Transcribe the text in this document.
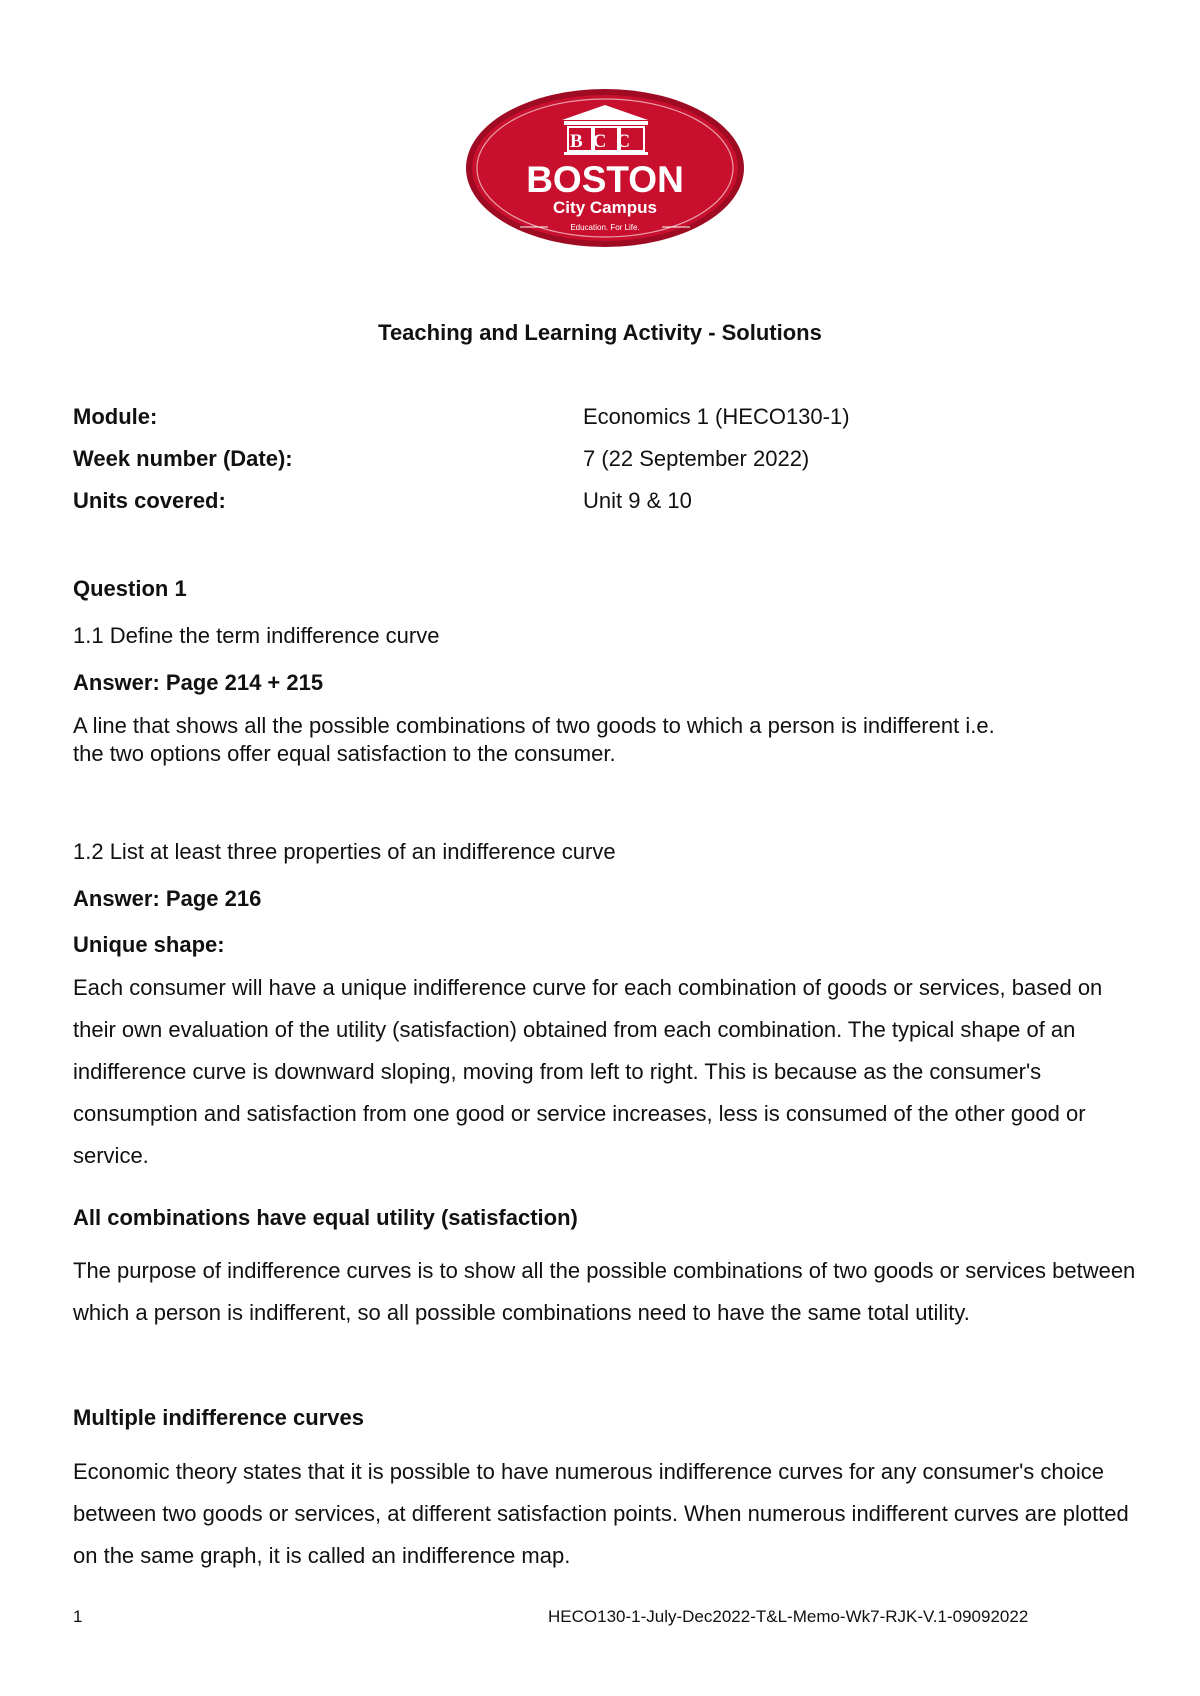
BCC
BOSTON
City Campus
Education. For Life.
Teaching and Learning Activity - Solutions
Module:	Economics 1 (HECO130-1)
Week number (Date):	7 (22 September 2022)
Units covered:	Unit 9 & 10
Question 1
1.1 Define the term indifference curve
Answer: Page 214 + 215
A line that shows all the possible combinations of two goods to which a person is indifferent i.e.
the two options offer equal satisfaction to the consumer.
1.2 List at least three properties of an indifference curve
Answer: Page 216
Unique shape:

Each consumer will have a unique indifference curve for each combination of goods or services, based on their own evaluation of the utility (satisfaction) obtained from each combination. The typical shape of an indifference curve is downward sloping, moving from left to right. This is because as the consumer's consumption and satisfaction from one good or service increases, less is consumed of the other good or service.

All combinations have equal utility (satisfaction)

The purpose of indifference curves is to show all the possible combinations of two goods or services between which a person is indifferent, so all possible combinations need to have the same total utility.

Multiple indifference curves

Economic theory states that it is possible to have numerous indifference curves for any consumer's choice between two goods or services, at different satisfaction points. When numerous indifferent curves are plotted on the same graph, it is called an indifference map.

1	HECO130-1-July-Dec2022-T&L-Memo-Wk7-RJK-V.1-09092022
